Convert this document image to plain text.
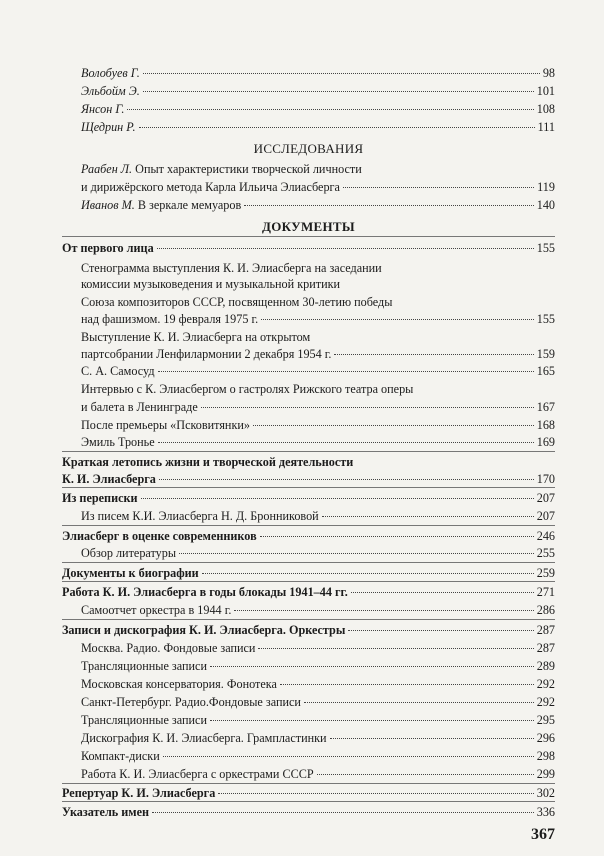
Волобуев Г.	98
Эльбойм Э.	101
Янсон Г.	108
Щедрин Р.	111
ИССЛЕДОВАНИЯ
Раабен Л. Опыт характеристики творческой личности
и дирижёрского метода Карла Ильича Элиасберга	119
Иванов М. В зеркале мемуаров	140
ДОКУМЕНТЫ
От первого лица	155
Стенограмма выступления К. И. Элиасберга на заседании
комиссии музыковедения и музыкальной критики
Союза композиторов СССР, посвященном 30-летию победы
над фашизмом. 19 февраля 1975 г.	155
Выступление К. И. Элиасберга на открытом
партсобрании Ленфилармонии 2 декабря 1954 г.	159
С. А. Самосуд	165
Интервью с К. Элиасбергом о гастролях Рижского театра оперы
и балета в Ленинграде	167
После премьеры «Псковитянки»	168
Эмиль Троньe	169
Краткая летопись жизни и творческой деятельности
К. И. Элиасберга	170
Из переписки	207
Из писем К.И. Элиасберга Н. Д. Бронниковой	207
Элиасберг в оценке современников	246
Обзор литературы	255
Документы к биографии	259
Работа К. И. Элиасберга в годы блокады 1941–44 гг.	271
Самоотчет оркестра в 1944 г.	286
Записи и дискография К. И. Элиасберга. Оркестры	287
Москва. Радио. Фондовые записи	287
Трансляционные записи	289
Московская консерватория. Фонотека	292
Санкт-Петербург. Радио.Фондовые записи	292
Трансляционные записи	295
Дискография К. И. Элиасберга. Грампластинки	296
Компакт-диски	298
Работа К. И. Элиасберга с оркестрами СССР	299
Репертуар К. И. Элиасберга	302
Указатель имен	336
367
